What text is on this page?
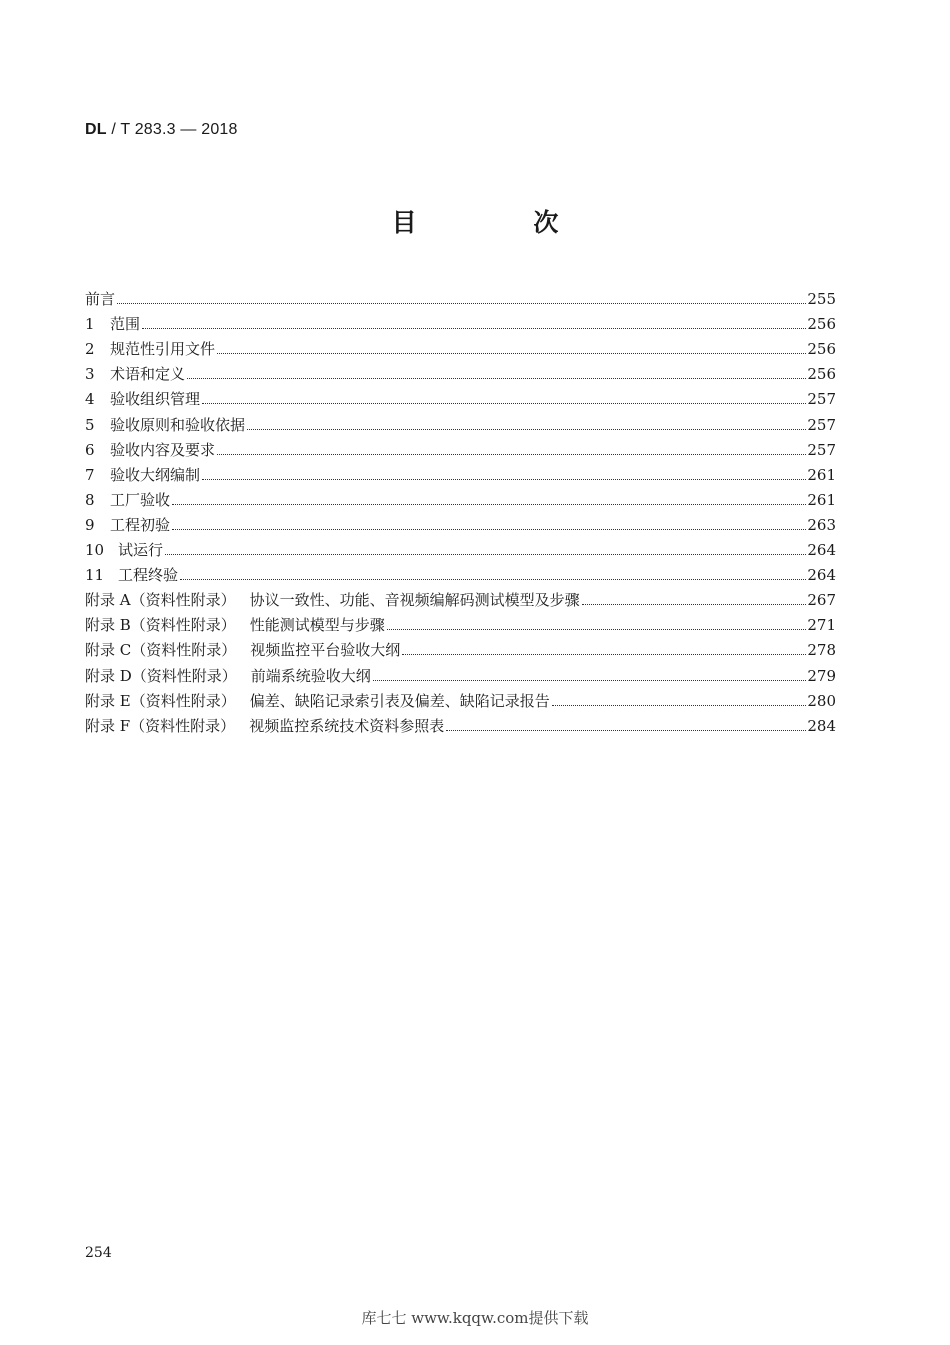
DL / T 283.3 — 2018
目 次
前言	255
1	范围	256
2	规范性引用文件	256
3	术语和定义	256
4	验收组织管理	257
5	验收原则和验收依据	257
6	验收内容及要求	257
7	验收大纲编制	261
8	工厂验收	261
9	工程初验	263
10 试运行	264
11 工程终验	264
附录 A（资料性附录） 协议一致性、功能、音视频编解码测试模型及步骤	267
附录 B（资料性附录） 性能测试模型与步骤	271
附录 C（资料性附录） 视频监控平台验收大纲	278
附录 D（资料性附录） 前端系统验收大纲	279
附录 E（资料性附录） 偏差、缺陷记录索引表及偏差、缺陷记录报告	280
附录 F（资料性附录） 视频监控系统技术资料参照表	284
254
库七七 www.kqqw.com提供下载
